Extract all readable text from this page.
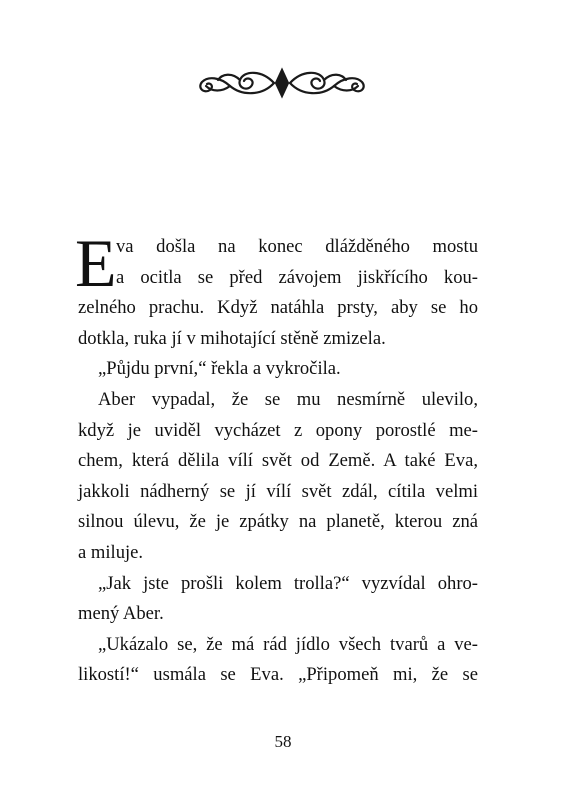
E va došla na konec dlážděného mostu
a ocitla se před závojem jiskřícího kou-
zelného prachu. Když natáhla prsty, aby se ho
dotkla, ruka jí v mihotající stěně zmizela.
„Půjdu první,“ řekla a vykročila.
Aber vypadal, že se mu nesmírně ulevilo,
když je uviděl vycházet z opony porostlé me-
chem, která dělila vílí svět od Země. A také Eva,
jakkoli nádherný se jí vílí svět zdál, cítila velmi
silnou úlevu, že je zpátky na planetě, kterou zná
a miluje.
„Jak jste prošli kolem trolla?“ vyzvídal ohro-
mený Aber.
„Ukázalo se, že má rád jídlo všech tvarů a ve-
likostí!“ usmála se Eva. „Připomeň mi, že se
58
